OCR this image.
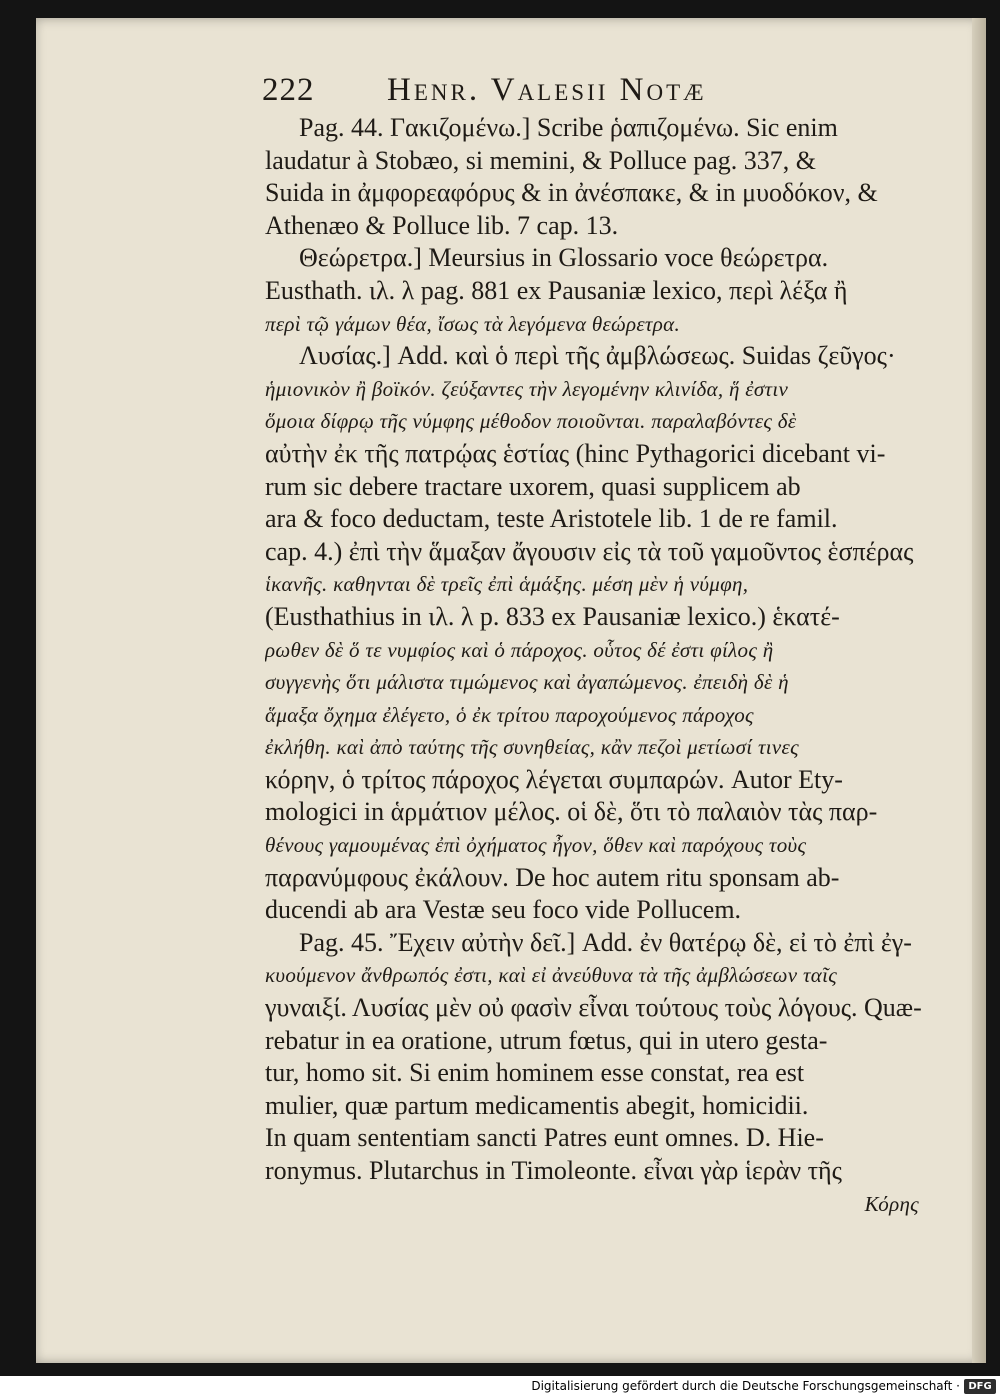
222 Henr. Valesii Notæ
Pag. 44. Γακιζομένω.] Scribe ῥαπιζομένω. Sic enim
laudatur à Stobæo, si memini, & Polluce pag. 337, &
Suida in ἀμφορεαφόρυς & in ἀνέσπακε, & in μυοδόκον, &
Athenæo & Polluce lib. 7 cap. 13.
Θεώρετρα.] Meursius in Glossario voce θεώρετρα.
Eusthath. ιλ. λ pag. 881 ex Pausaniæ lexico, περὶ λέξα ἢ
περὶ τῷ γάμων θέα, ἴσως τὰ λεγόμενα θεώρετρα.
Λυσίας.] Add. καὶ ὁ περὶ τῆς ἀμβλώσεως. Suidas ζεῦγος·
ἡμιονικὸν ἢ βοϊκόν. ζεύξαντες τὴν λεγομένην κλινίδα, ἥ ἐστιν
ὅμοια δίφρῳ τῆς νύμφης μέθοδον ποιοῦνται. παραλαβόντες δὲ
αὐτὴν ἐκ τῆς πατρῴας ἑστίας (hinc Pythagorici dicebant vi-
rum sic debere tractare uxorem, quasi supplicem ab
ara & foco deductam, teste Aristotele lib. 1 de re famil.
cap. 4.) ἐπὶ τὴν ἅμαξαν ἄγουσιν εἰς τὰ τοῦ γαμοῦντος ἑσπέρας
ἱκανῆς. καθηνται δὲ τρεῖς ἐπὶ ἁμάξης. μέση μὲν ἡ νύμφη,
(Eusthathius in ιλ. λ p. 833 ex Pausaniæ lexico.) ἑκατέ-
ρωθεν δὲ ὅ τε νυμφίος καὶ ὁ πάροχος. οὗτος δέ ἐστι φίλος ἢ
συγγενὴς ὅτι μάλιστα τιμώμενος καὶ ἀγαπώμενος. ἐπειδὴ δὲ ἡ
ἅμαξα ὄχημα ἐλέγετο, ὁ ἐκ τρίτου παροχούμενος πάροχος
ἐκλήθη. καὶ ἀπὸ ταύτης τῆς συνηθείας, κἂν πεζοὶ μετίωσί τινες
κόρην, ὁ τρίτος πάροχος λέγεται συμπαρών. Autor Ety-
mologici in ἁρμάτιον μέλος. οἱ δὲ, ὅτι τὸ παλαιὸν τὰς παρ-
θένους γαμουμένας ἐπὶ ὀχήματος ἦγον, ὅθεν καὶ παρόχους τοὺς
παρανύμφους ἐκάλουν. De hoc autem ritu sponsam ab-
ducendi ab ara Vestæ seu foco vide Pollucem.
Pag. 45. Ἔχειν αὐτὴν δεῖ.] Add. ἐν θατέρῳ δὲ, εἰ τὸ ἐπὶ ἐγ-
κυούμενον ἄνθρωπός ἐστι, καὶ εἰ ἀνεύθυνα τὰ τῆς ἀμβλώσεων ταῖς
γυναιξί. Λυσίας μὲν οὐ φασὶν εἶναι τούτους τοὺς λόγους. Quæ-
rebatur in ea oratione, utrum fœtus, qui in utero gesta-
tur, homo sit. Si enim hominem esse constat, rea est
mulier, quæ partum medicamentis abegit, homicidii.
In quam sententiam sancti Patres eunt omnes. D. Hie-
ronymus. Plutarchus in Timoleonte. εἶναι γὰρ ἱερὰν τῆς
Κόρης
Digitalisierung gefördert durch die Deutsche Forschungsgemeinschaft · DFG
